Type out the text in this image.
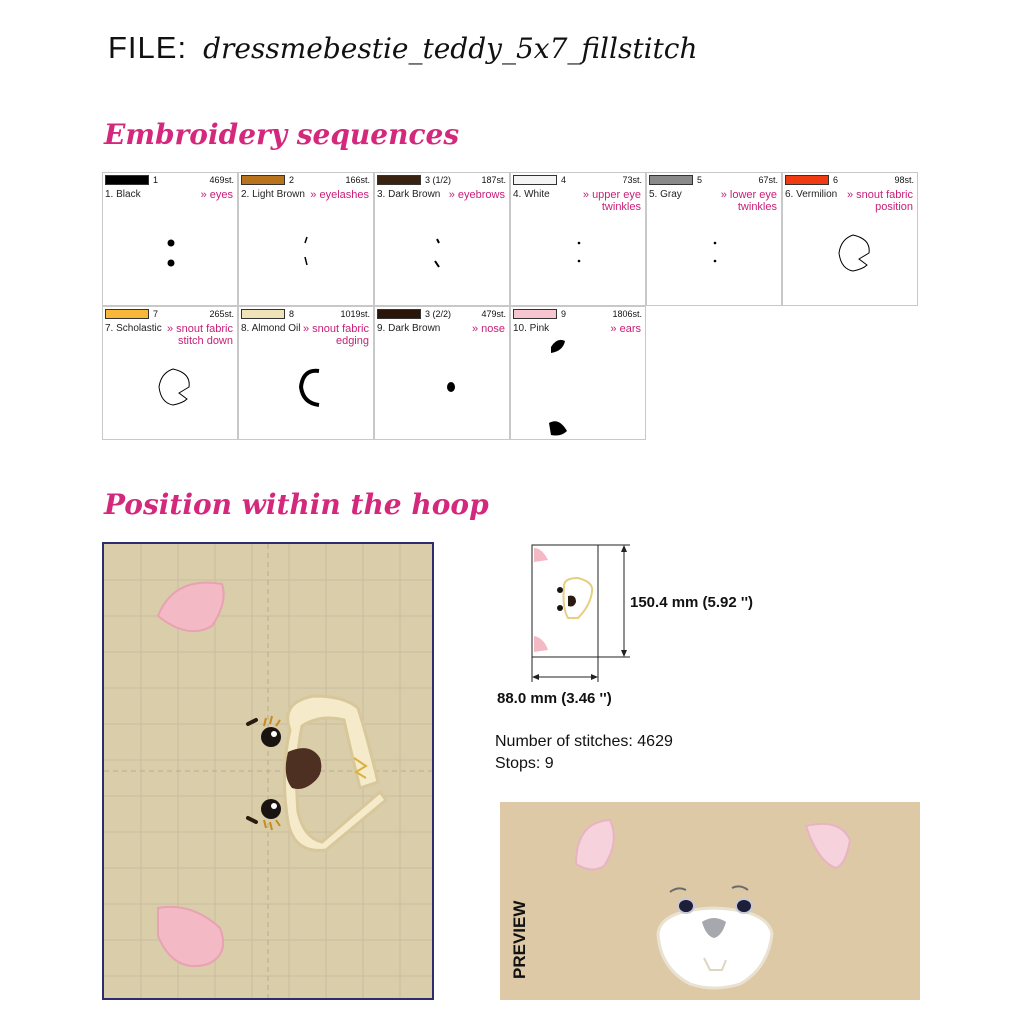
FILE: dressmebestie_teddy_5x7_fillstitch
Embroidery sequences
1	469st.
1. Black	» eyes
2	166st.
2. Light Brown » eyelashes
3 (1/2)	187st.
3. Dark Brown » eyebrows
4	73st.
4. White	» upper eye twinkles
5	67st.
5. Gray	» lower eye twinkles
6	98st.
6. Vermilion » snout fabric position
7	265st.
7. Scholastic » snout fabric stitch down
8	1019st.
8. Almond Oil » snout fabric edging
3 (2/2)	479st.
9. Dark Brown	» nose
9	1806st.
10. Pink	» ears
Position within the hoop
150.4 mm (5.92 '')
88.0 mm (3.46 '')
Number of stitches: 4629
Stops: 9
PREVIEW
